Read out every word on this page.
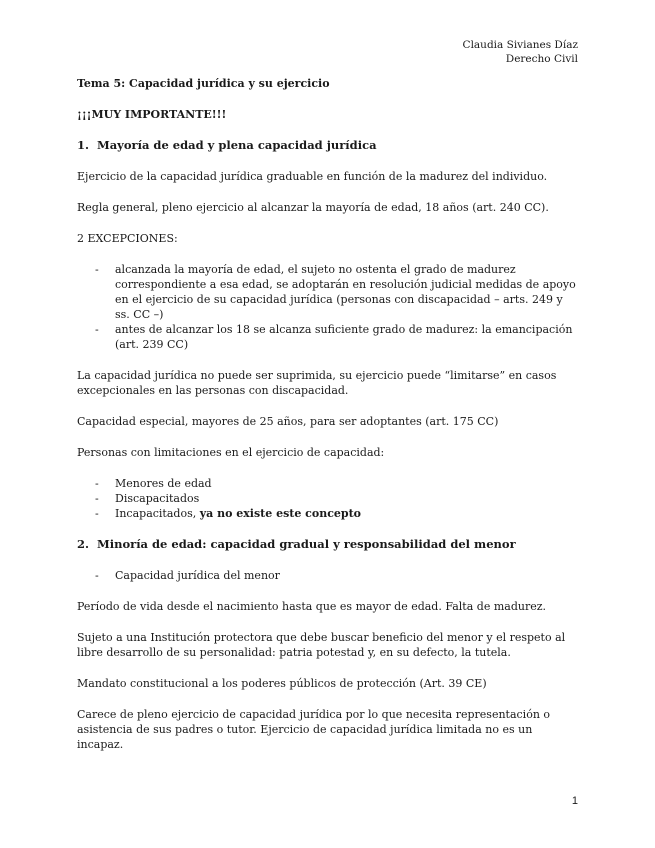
Claudia Sivianes Díaz
Derecho Civil

Tema 5: Capacidad jurídica y su ejercicio

¡¡¡MUY IMPORTANTE!!!

1. Mayoría de edad y plena capacidad jurídica

Ejercicio de la capacidad jurídica graduable en función de la madurez del individuo.

Regla general, pleno ejercicio al alcanzar la mayoría de edad, 18 años (art. 240 CC).

2 EXCEPCIONES:

-	alcanzada la mayoría de edad, el sujeto no ostenta el grado de madurez correspondiente a esa edad, se adoptarán en resolución judicial medidas de apoyo en el ejercicio de su capacidad jurídica (personas con discapacidad – arts. 249 y ss. CC –)
-	antes de alcanzar los 18 se alcanza suficiente grado de madurez: la emancipación (art. 239 CC)

La capacidad jurídica no puede ser suprimida, su ejercicio puede “limitarse” en casos excepcionales en las personas con discapacidad.

Capacidad especial, mayores de 25 años, para ser adoptantes (art. 175 CC)

Personas con limitaciones en el ejercicio de capacidad:

-	Menores de edad
-	Discapacitados
-	Incapacitados, ya no existe este concepto

2. Minoría de edad: capacidad gradual y responsabilidad del menor

-	Capacidad jurídica del menor

Período de vida desde el nacimiento hasta que es mayor de edad. Falta de madurez.

Sujeto a una Institución protectora que debe buscar beneficio del menor y el respeto al libre desarrollo de su personalidad: patria potestad y, en su defecto, la tutela.

Mandato constitucional a los poderes públicos de protección (Art. 39 CE)

Carece de pleno ejercicio de capacidad jurídica por lo que necesita representación o asistencia de sus padres o tutor. Ejercicio de capacidad jurídica limitada no es un incapaz.

1
